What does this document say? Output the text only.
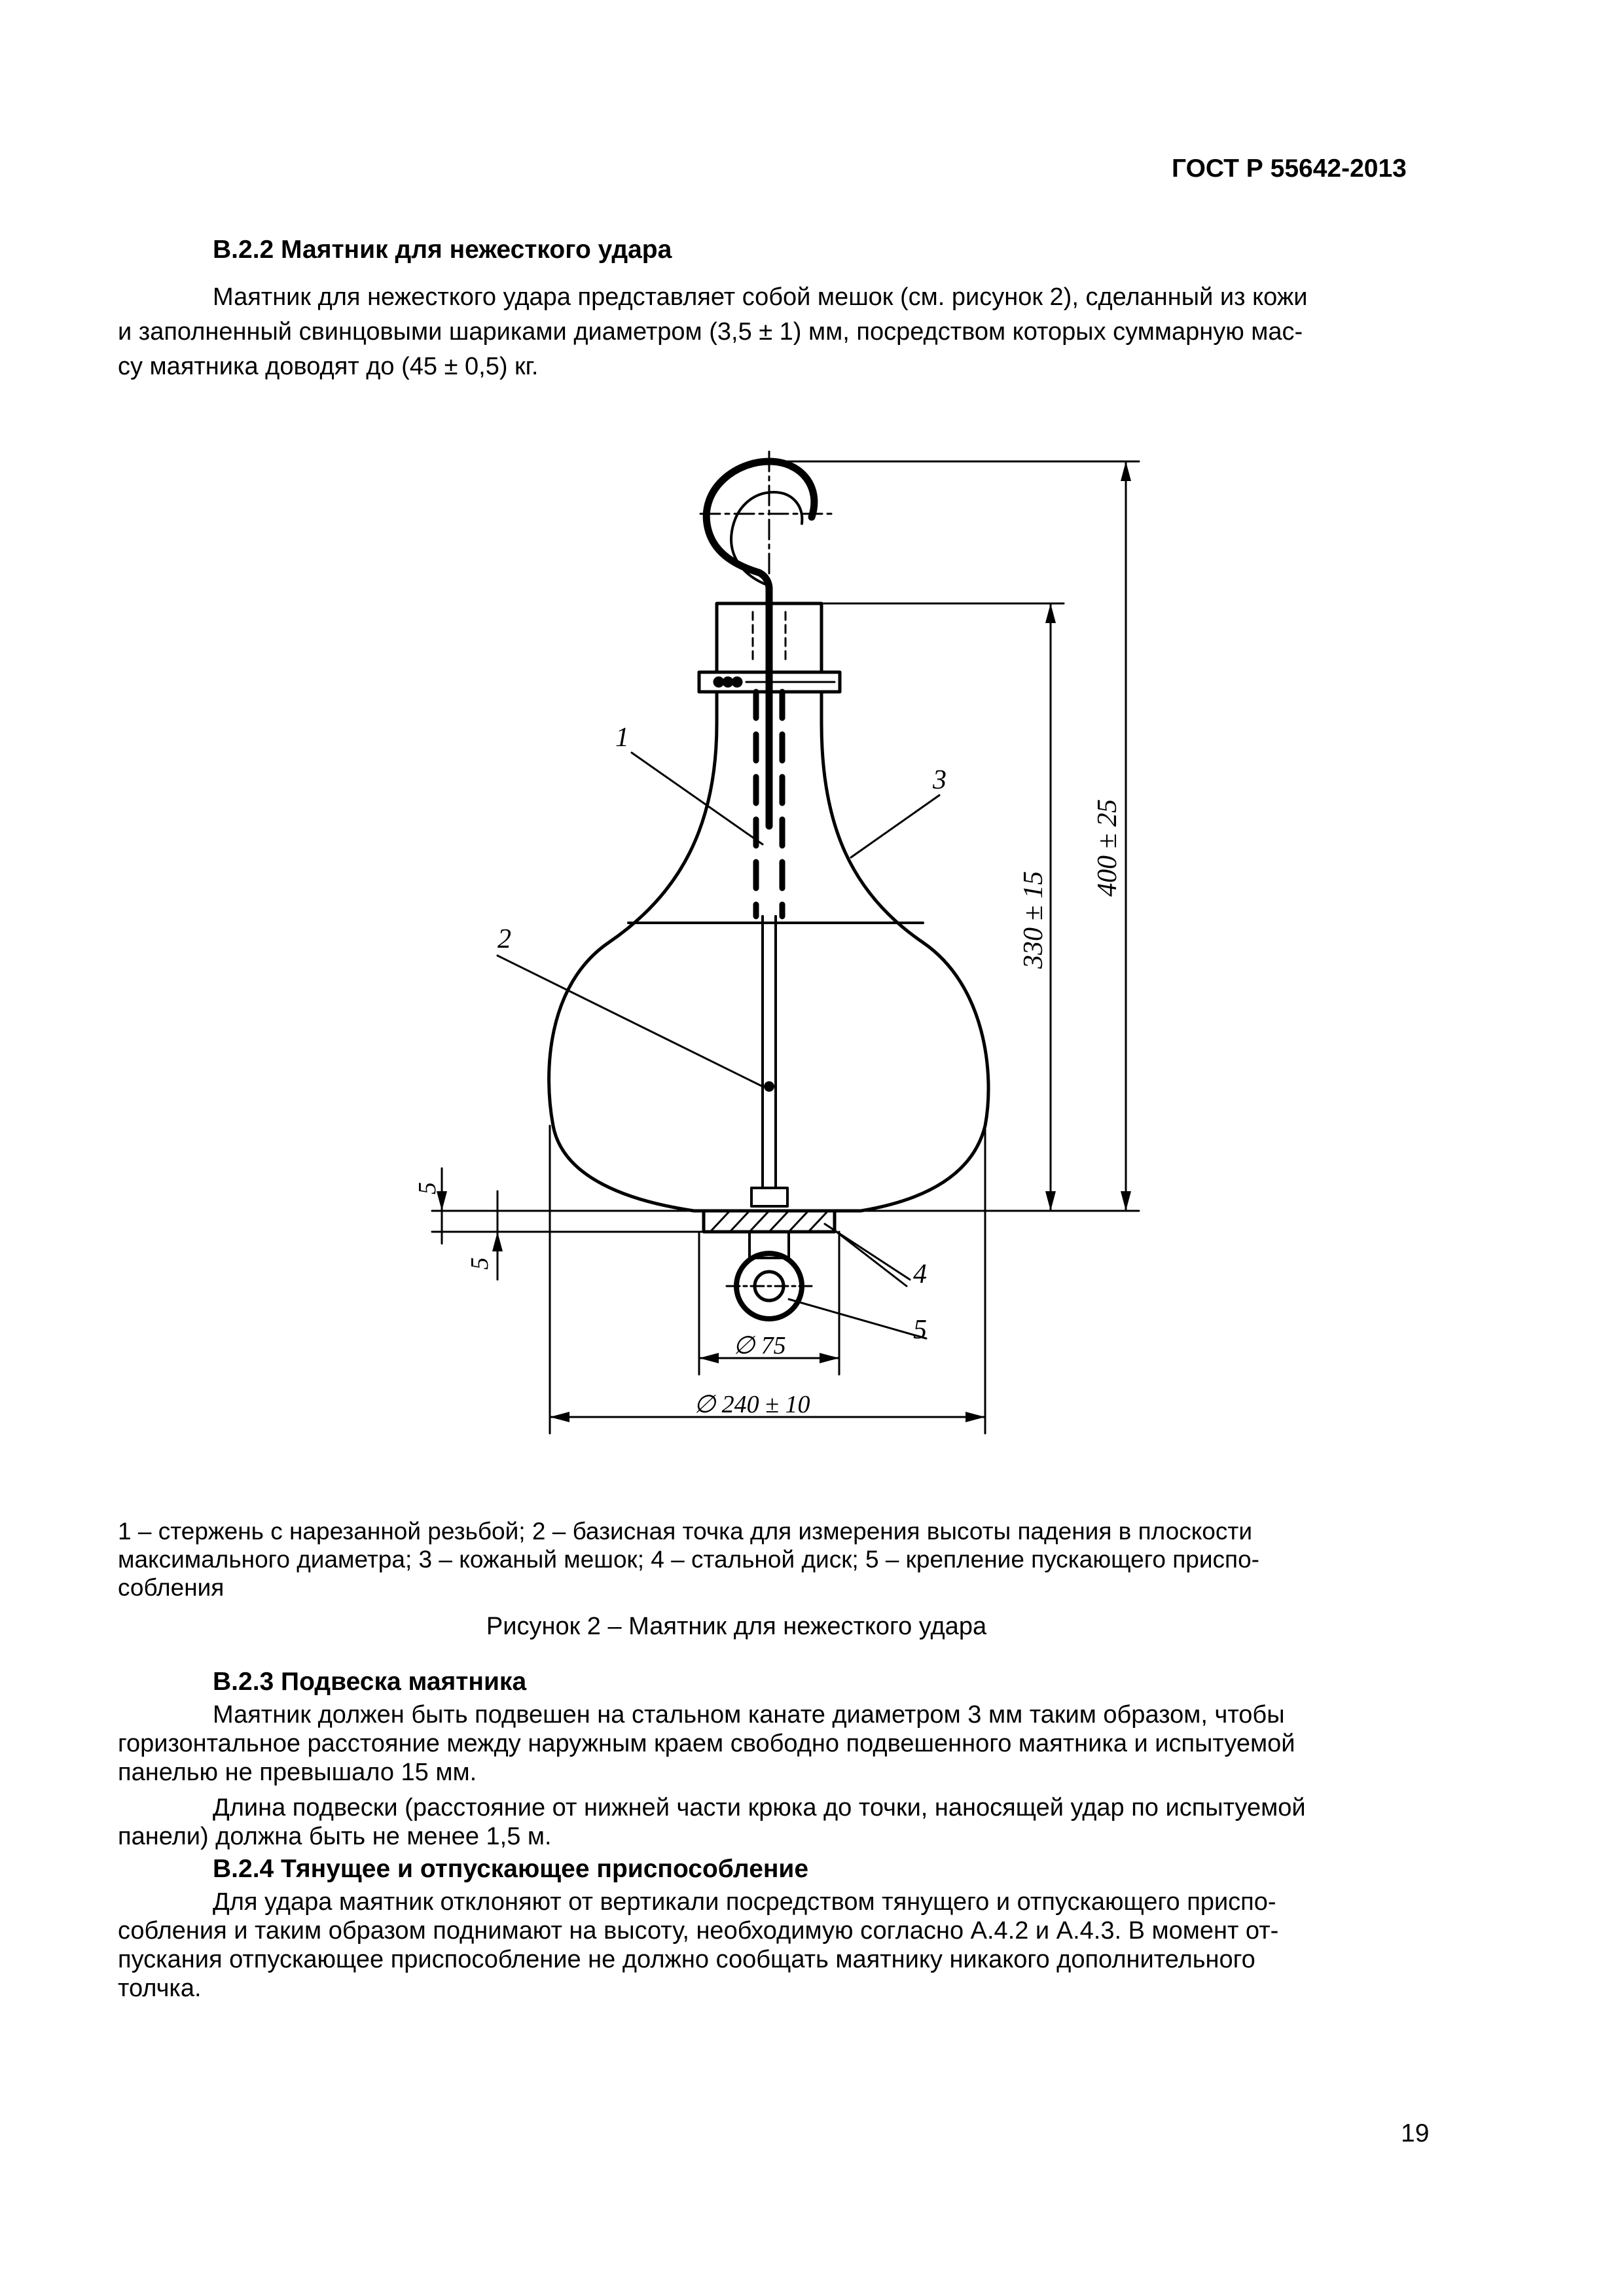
ГОСТ Р 55642-2013
В.2.2 Маятник для нежесткого удара
Маятник для нежесткого удара представляет собой мешок (см. рисунок 2), сделанный из кожи
и заполненный свинцовыми шариками диаметром (3,5 ± 1) мм, посредством которых суммарную мас-
су маятника доводят до (45 ± 0,5) кг.
400 ± 25
330 ± 15
5
5
∅ 75
∅ 240 ± 10
1
2
3
4
5
1 – стержень с нарезанной резьбой; 2 – базисная точка для измерения высоты падения в плоскости
максимального диаметра; 3 – кожаный мешок; 4 – стальной диск; 5 – крепление пускающего приспо-
собления
Рисунок 2 – Маятник для нежесткого удара
В.2.3 Подвеска маятника
Маятник должен быть подвешен на стальном канате диаметром 3 мм таким образом, чтобы
горизонтальное расстояние между наружным краем свободно подвешенного маятника и испытуемой
панелью не превышало 15 мм.
Длина подвески (расстояние от нижней части крюка до точки, наносящей удар по испытуемой
панели) должна быть не менее 1,5 м.
В.2.4 Тянущее и отпускающее приспособление
Для удара маятник отклоняют от вертикали посредством тянущего и отпускающего приспо-
собления и таким образом поднимают на высоту, необходимую согласно А.4.2 и А.4.3. В момент от-
пускания отпускающее приспособление не должно сообщать маятнику никакого дополнительного
толчка.
19
